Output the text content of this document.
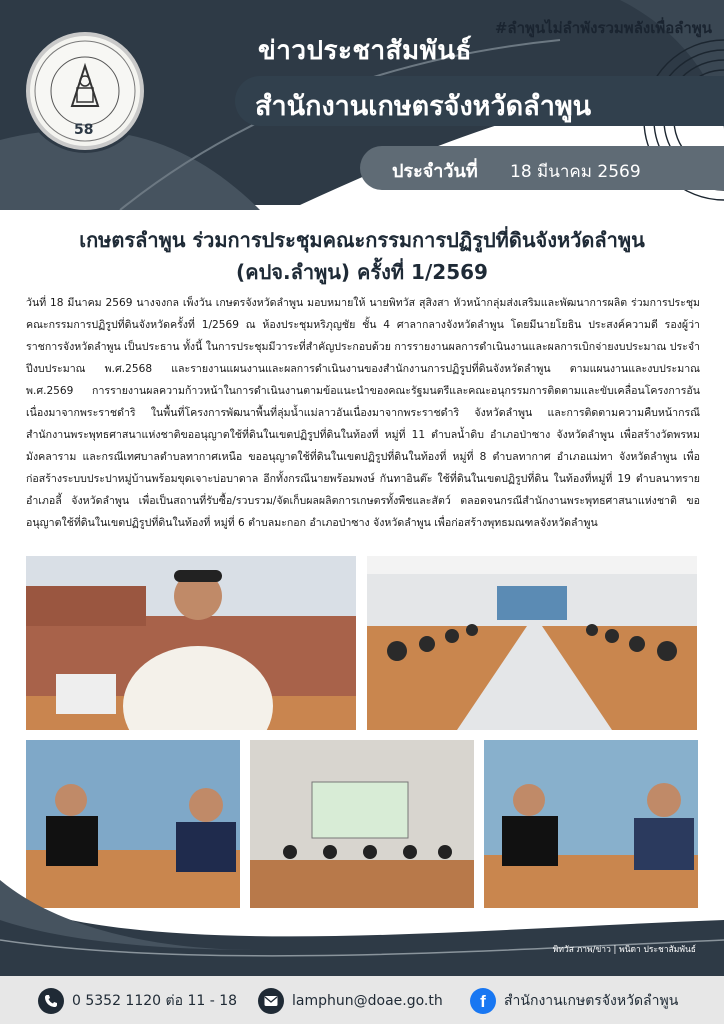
58
#ลำพูนไม่ลำพังรวมพลังเพื่อลำพูน
ข่าวประชาสัมพันธ์
สำนักงานเกษตรจังหวัดลำพูน
ประจำวันที่ 18 มีนาคม 2569
เกษตรลำพูน ร่วมการประชุมคณะกรรมการปฏิรูปที่ดินจังหวัดลำพูน
(คปจ.ลำพูน) ครั้งที่ 1/2569
วันที่ 18 มีนาคม 2569 นางจงกล เพ็งวัน เกษตรจังหวัดลำพูน มอบหมายให้ นายพิทวัส สุสิงสา หัวหน้ากลุ่มส่งเสริมและพัฒนาการผลิต ร่วมการประชุมคณะกรรมการปฏิรูปที่ดินจังหวัดครั้งที่ 1/2569 ณ ห้องประชุมหริภุญชัย ชั้น 4 ศาลากลางจังหวัดลำพูน โดยมีนายโยธิน ประสงค์ความดี รองผู้ว่าราชการจังหวัดลำพูน เป็นประธาน ทั้งนี้ ในการประชุมมีวาระที่สำคัญประกอบด้วย การรายงานผลการดำเนินงานและผลการเบิกจ่ายงบประมาณ ประจำปีงบประมาณ พ.ศ.2568 และรายงานแผนงานและผลการดำเนินงานของสำนักงานการปฏิรูปที่ดินจังหวัดลำพูน ตามแผนงานและงบประมาณ พ.ศ.2569 การรายงานผลความก้าวหน้าในการดำเนินงานตามข้อแนะนำของคณะรัฐมนตรีและคณะอนุกรรมการติดตามและขับเคลื่อนโครงการอันเนื่องมาจากพระราชดำริ ในพื้นที่โครงการพัฒนาพื้นที่ลุ่มน้ำแม่ลาวอันเนื่องมาจากพระราชดำริ จังหวัดลำพูน และการติดตามความคืบหน้ากรณีสำนักงานพระพุทธศาสนาแห่งชาติขออนุญาตใช้ที่ดินในเขตปฏิรูปที่ดินในท้องที่ หมู่ที่ 11 ตำบลน้ำดิบ อำเภอป่าซาง จังหวัดลำพูน เพื่อสร้างวัดพรหมมังคลาราม และกรณีเทศบาลตำบลทากาศเหนือ ขออนุญาตใช้ที่ดินในเขตปฏิรูปที่ดินในท้องที่ หมู่ที่ 8 ตำบลทากาศ อำเภอแม่ทา จังหวัดลำพูน เพื่อก่อสร้างระบบประปาหมู่บ้านพร้อมขุดเจาะบ่อบาดาล อีกทั้งกรณีนายพร้อมพงษ์ กันทาอินต๊ะ ใช้ที่ดินในเขตปฏิรูปที่ดิน ในท้องที่หมู่ที่ 19 ตำบลนาทราย อำเภอลี้ จังหวัดลำพูน เพื่อเป็นสถานที่รับซื้อ/รวบรวม/จัดเก็บผลผลิตการเกษตรทั้งพืชและสัตว์ ตลอดจนกรณีสำนักงานพระพุทธศาสนาแห่งชาติ ขออนุญาตใช้ที่ดินในเขตปฏิรูปที่ดินในท้องที่ หมู่ที่ 6 ตำบลมะกอก อำเภอป่าซาง จังหวัดลำพูน เพื่อก่อสร้างพุทธมณฑลจังหวัดลำพูน
พิทวัส ภาพ/ข่าว | พนิดา ประชาสัมพันธ์
0 5352 1120 ต่อ 11 - 18	lamphun@doae.go.th f สำนักงานเกษตรจังหวัดลำพูน
